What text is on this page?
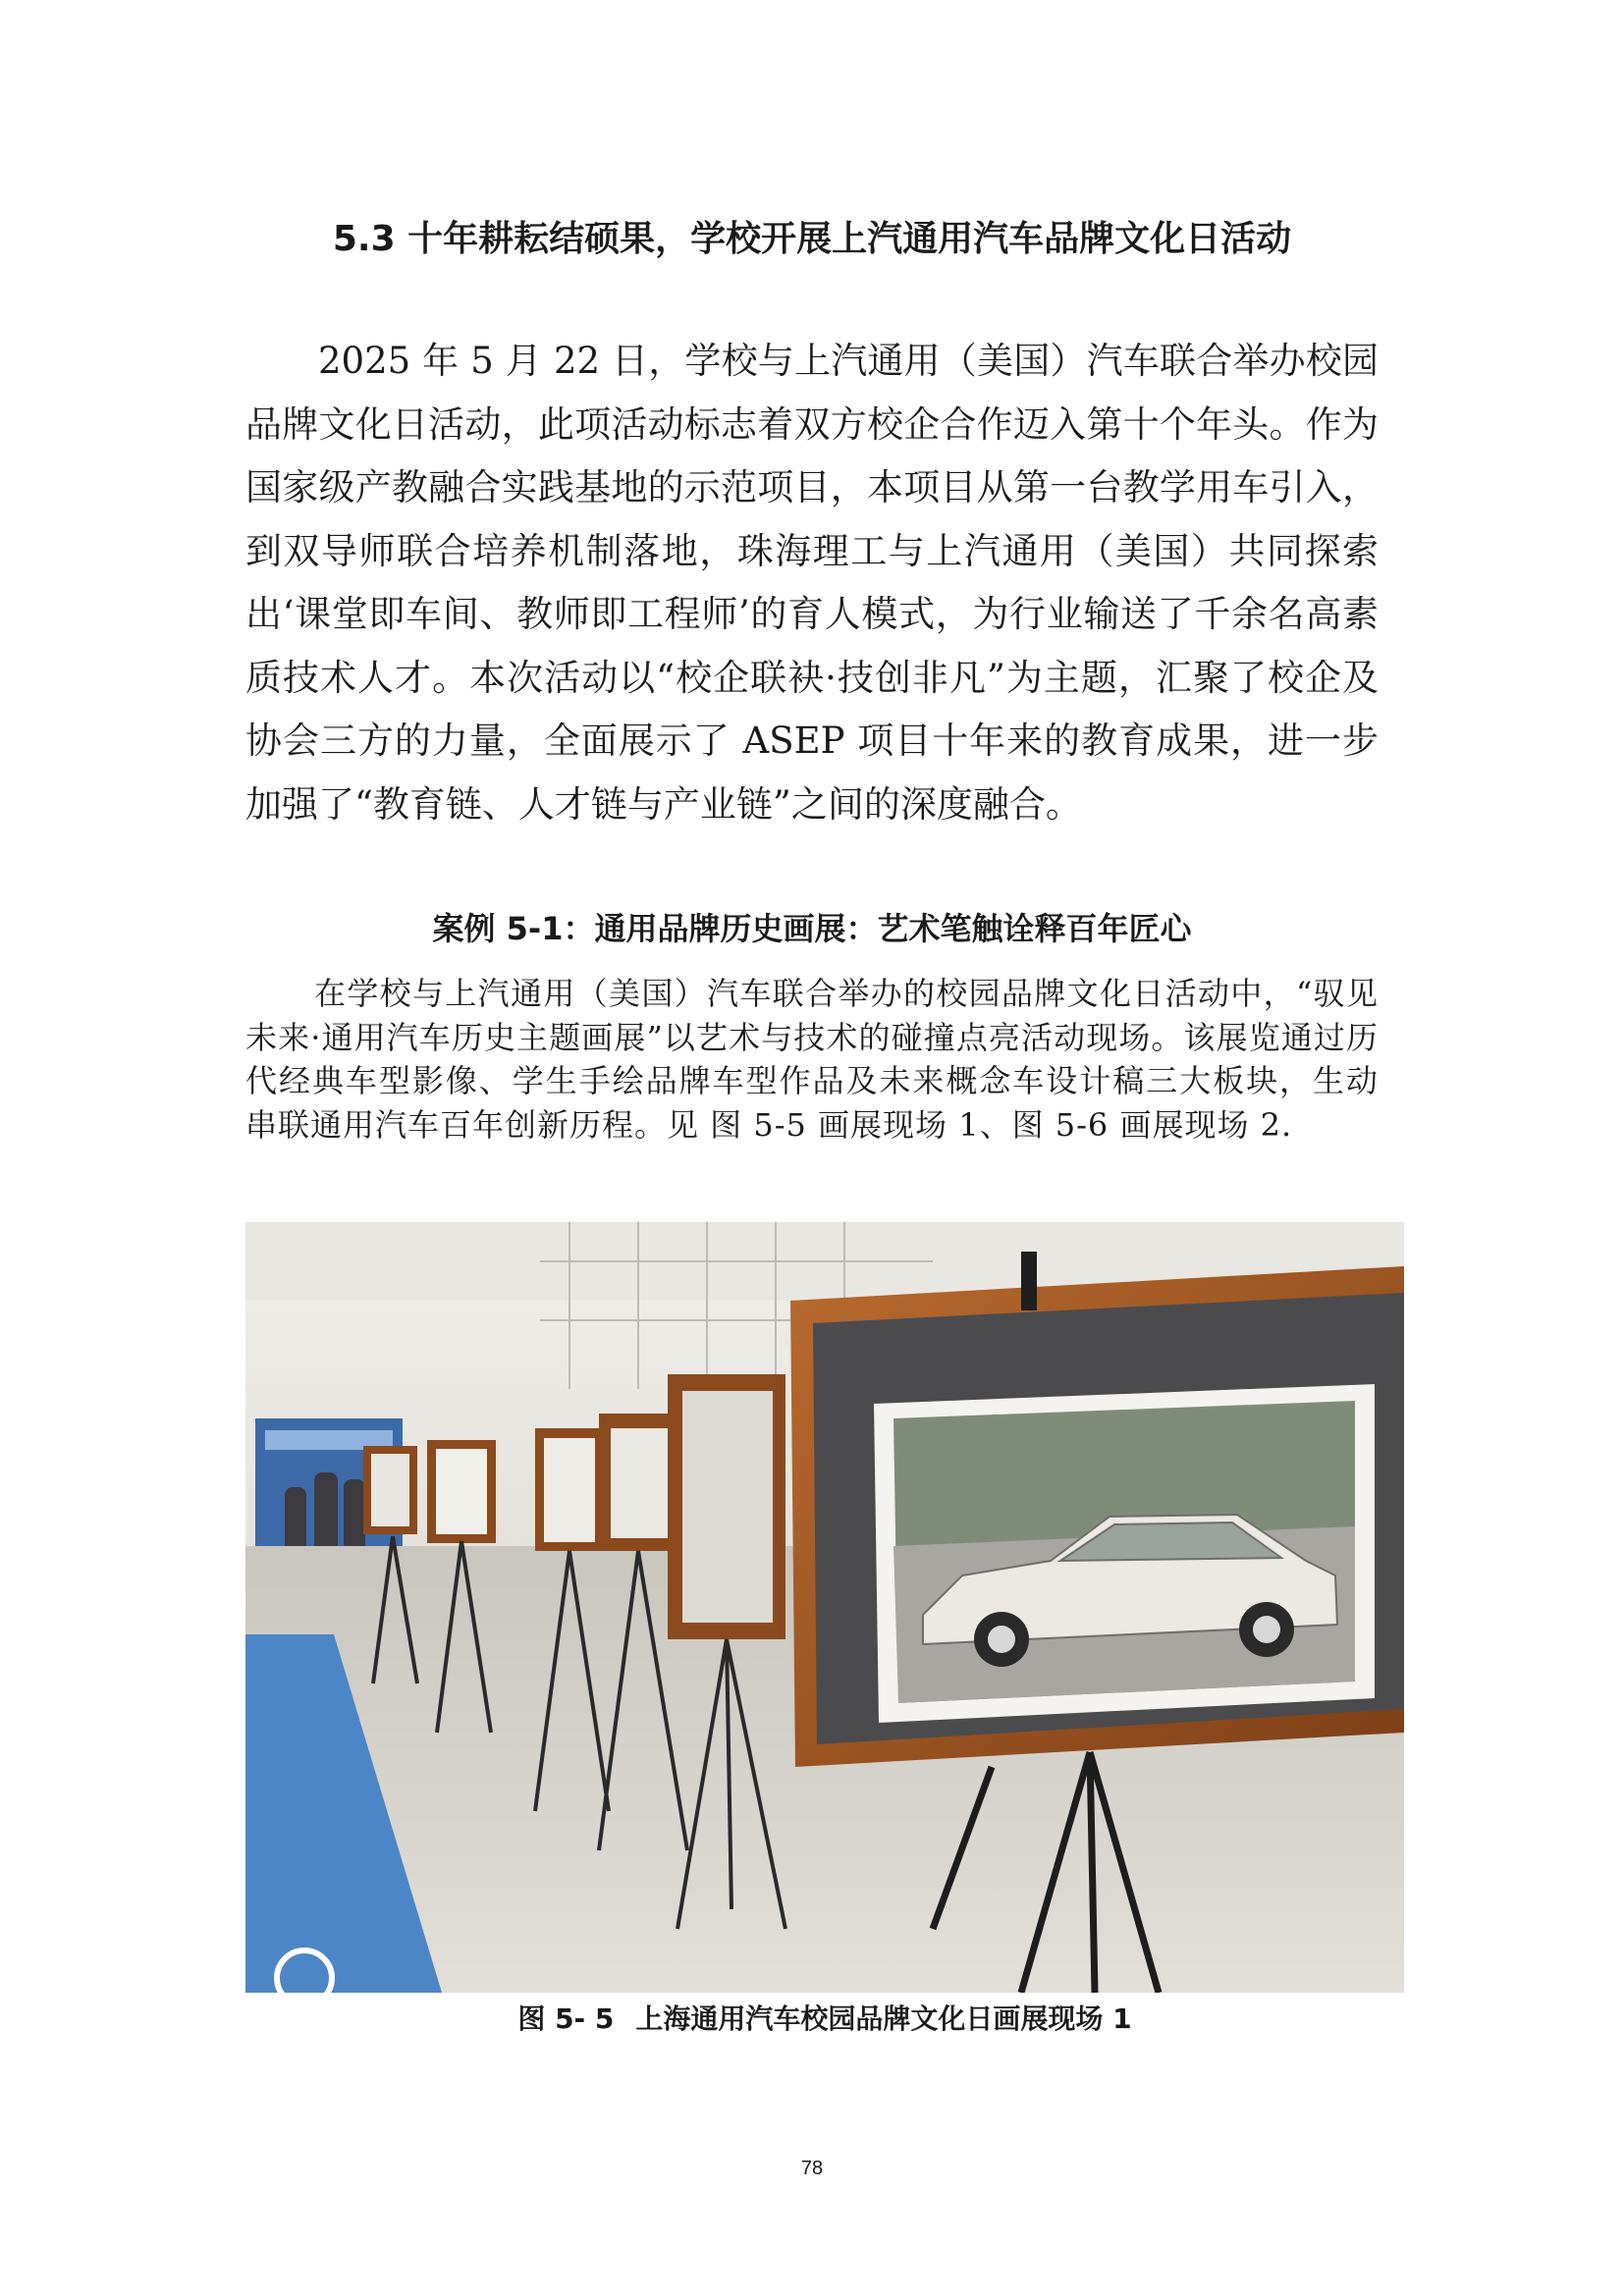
5.3 十年耕耘结硕果，学校开展上汽通用汽车品牌文化日活动

2025 年 5 月 22 日，学校与上汽通用（美国）汽车联合举办校园品牌文化日活动，此项活动标志着双方校企合作迈入第十个年头。作为国家级产教融合实践基地的示范项目，本项目从第一台教学用车引入，到双导师联合培养机制落地，珠海理工与上汽通用（美国）共同探索出‘课堂即车间、教师即工程师’的育人模式，为行业输送了千余名高素质技术人才。本次活动以“校企联袂·技创非凡”为主题，汇聚了校企及协会三方的力量，全面展示了 ASEP 项目十年来的教育成果，进一步加强了“教育链、人才链与产业链”之间的深度融合。

案例 5-1：通用品牌历史画展：艺术笔触诠释百年匠心

在学校与上汽通用（美国）汽车联合举办的校园品牌文化日活动中，“驭见未来·通用汽车历史主题画展”以艺术与技术的碰撞点亮活动现场。该展览通过历代经典车型影像、学生手绘品牌车型作品及未来概念车设计稿三大板块，生动串联通用汽车百年创新历程。见 图 5-5 画展现场 1、图 5-6 画展现场 2.

图 5- 5 上海通用汽车校园品牌文化日画展现场 1

78
